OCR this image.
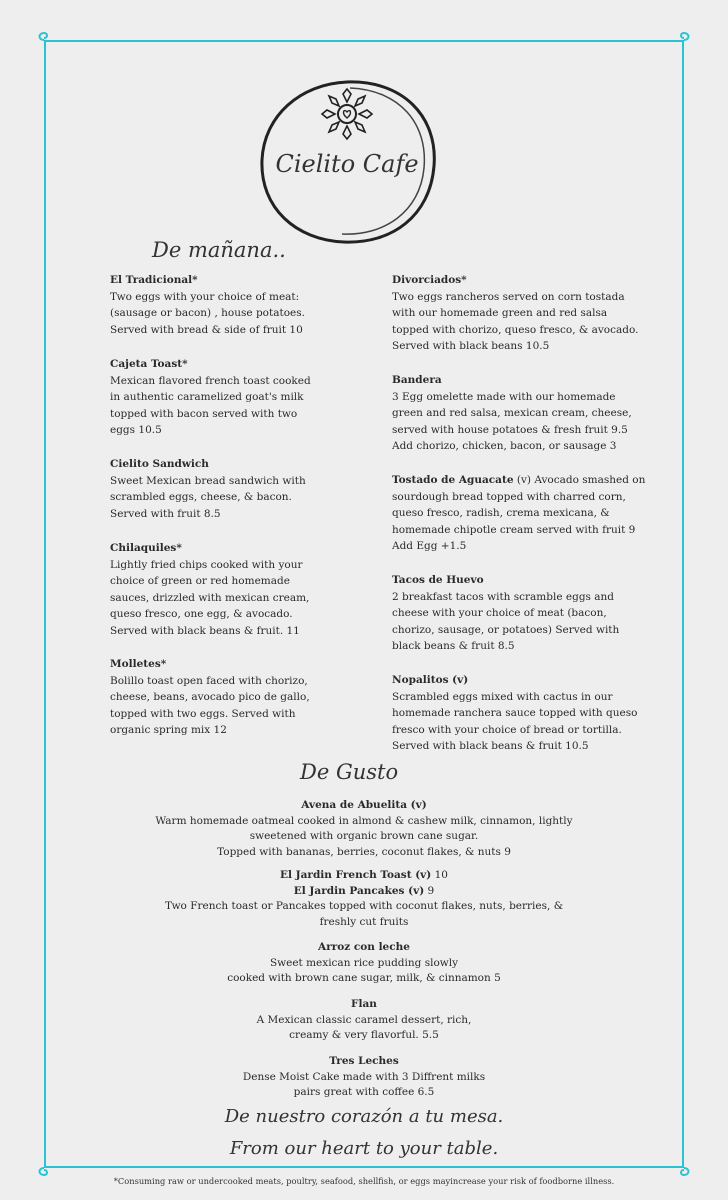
Cielito Cafe
De mañana..
El Tradicional*
Two eggs with your choice of meat:
(sausage or bacon) , house potatoes.
Served with bread & side of fruit 10
Cajeta Toast*
Mexican flavored french toast cooked
in authentic caramelized goat's milk
topped with bacon served with two
eggs 10.5
Cielito Sandwich
Sweet Mexican bread sandwich with
scrambled eggs, cheese, & bacon.
Served with fruit 8.5
Chilaquiles*
Lightly fried chips cooked with your
choice of green or red homemade
sauces, drizzled with mexican cream,
queso fresco, one egg, & avocado.
Served with black beans & fruit. 11
Molletes*
Bolillo toast open faced with chorizo,
cheese, beans, avocado pico de gallo,
topped with two eggs. Served with
organic spring mix 12
Divorciados*
Two eggs rancheros served on corn tostada
with our homemade green and red salsa
topped with chorizo, queso fresco, & avocado.
Served with black beans 10.5
Bandera
3 Egg omelette made with our homemade
green and red salsa, mexican cream, cheese,
served with house potatoes & fresh fruit 9.5
Add chorizo, chicken, bacon, or sausage 3
Tostado de Aguacate (v) Avocado smashed on
sourdough bread topped with charred corn,
queso fresco, radish, crema mexicana, &
homemade chipotle cream served with fruit 9
Add Egg +1.5
Tacos de Huevo
2 breakfast tacos with scramble eggs and
cheese with your choice of meat (bacon,
chorizo, sausage, or potatoes) Served with
black beans & fruit 8.5
Nopalitos (v)
Scrambled eggs mixed with cactus in our
homemade ranchera sauce topped with queso
fresco with your choice of bread or tortilla.
Served with black beans & fruit 10.5
De Gusto
Avena de Abuelita (v)
Warm homemade oatmeal cooked in almond & cashew milk, cinnamon, lightly
sweetened with organic brown cane sugar.
Topped with bananas, berries, coconut flakes, & nuts 9
El Jardin French Toast (v) 10
El Jardin Pancakes (v) 9
Two French toast or Pancakes topped with coconut flakes, nuts, berries, &
freshly cut fruits
Arroz con leche
Sweet mexican rice pudding slowly
cooked with brown cane sugar, milk, & cinnamon 5
Flan
A Mexican classic caramel dessert, rich,
creamy & very flavorful. 5.5
Tres Leches
Dense Moist Cake made with 3 Diffrent milks
pairs great with coffee 6.5
De nuestro corazón a tu mesa.
From our heart to your table.
*Consuming raw or undercooked meats, poultry, seafood, shellfish, or eggs mayincrease your risk of foodborne illness.
